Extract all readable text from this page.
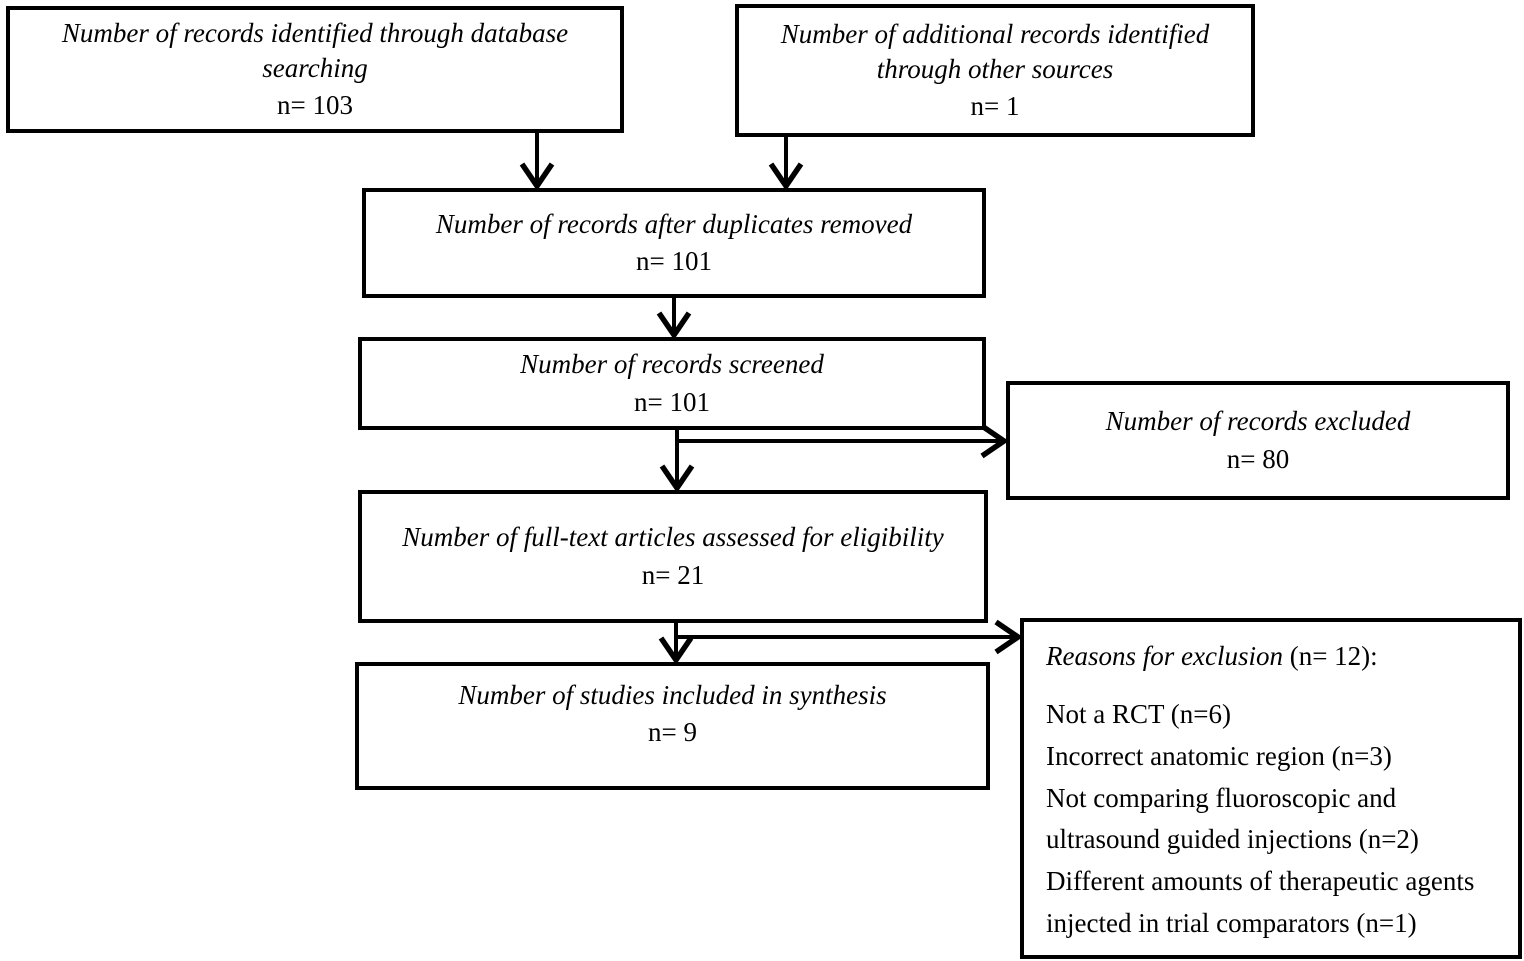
Number of records identified through database searching
n= 103
Number of additional records identified through other sources
n= 1
Number of records after duplicates removed
n= 101
Number of records screened
n= 101
Number of records excluded
n= 80
Number of full-text articles assessed for eligibility
n= 21
Number of studies included in synthesis
n= 9
Reasons for exclusion (n= 12):
Not a RCT (n=6)
Incorrect anatomic region (n=3)
Not comparing fluoroscopic and ultrasound guided injections (n=2)
Different amounts of therapeutic agents injected in trial comparators (n=1)
